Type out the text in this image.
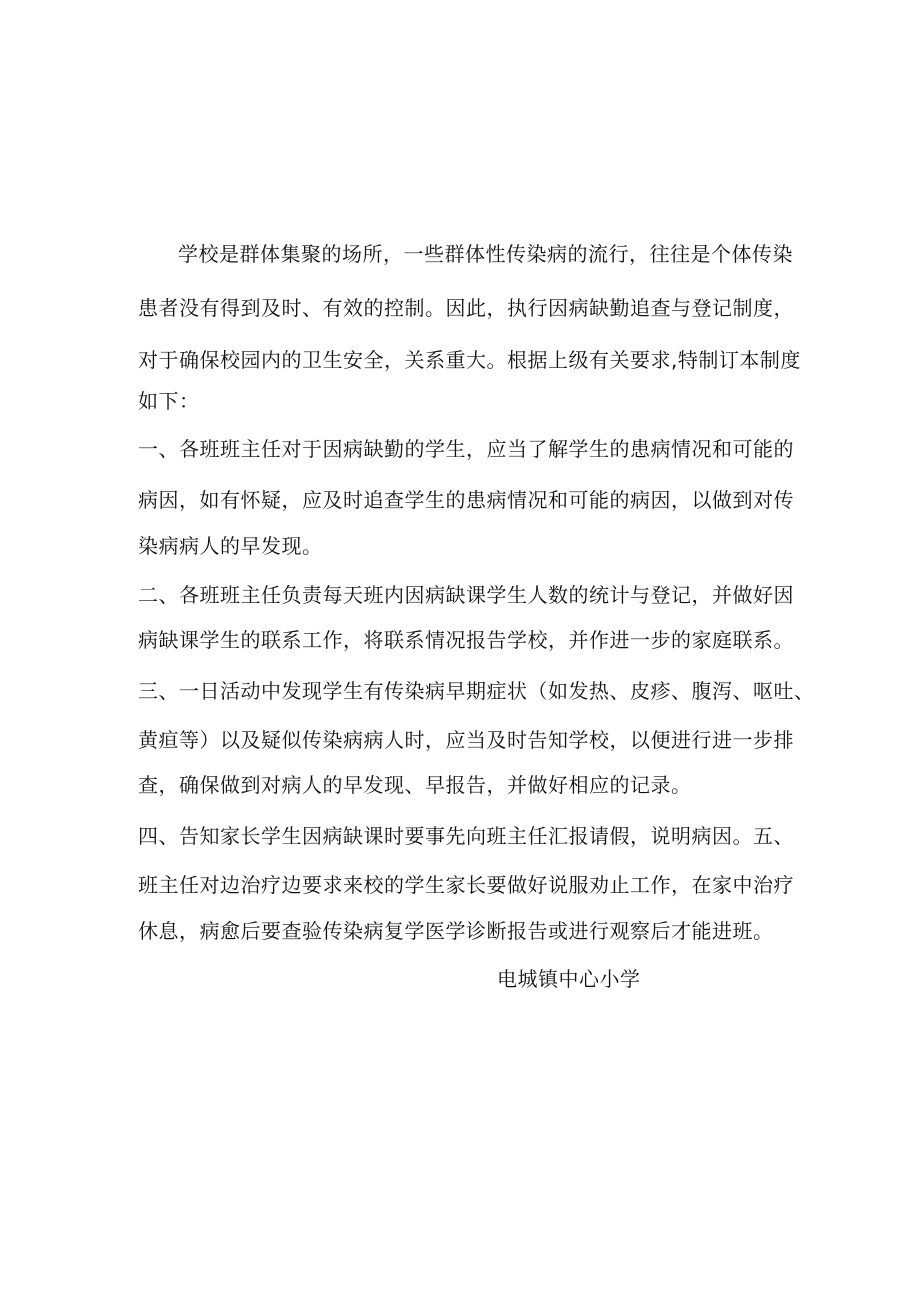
学校是群体集聚的场所，一些群体性传染病的流行，往往是个体传染
患者没有得到及时、有效的控制。因此，执行因病缺勤追查与登记制度，
对于确保校园内的卫生安全，关系重大。根据上级有关要求,特制订本制度
如下：
一、各班班主任对于因病缺勤的学生，应当了解学生的患病情况和可能的
病因，如有怀疑，应及时追查学生的患病情况和可能的病因，以做到对传
染病病人的早发现。
二、各班班主任负责每天班内因病缺课学生人数的统计与登记，并做好因
病缺课学生的联系工作，将联系情况报告学校，并作进一步的家庭联系。
三、一日活动中发现学生有传染病早期症状（如发热、皮疹、腹泻、呕吐、
黄疸等）以及疑似传染病病人时，应当及时告知学校，以便进行进一步排
查，确保做到对病人的早发现、早报告，并做好相应的记录。
四、告知家长学生因病缺课时要事先向班主任汇报请假，说明病因。五、
班主任对边治疗边要求来校的学生家长要做好说服劝止工作，在家中治疗
休息，病愈后要查验传染病复学医学诊断报告或进行观察后才能进班。
电城镇中心小学
